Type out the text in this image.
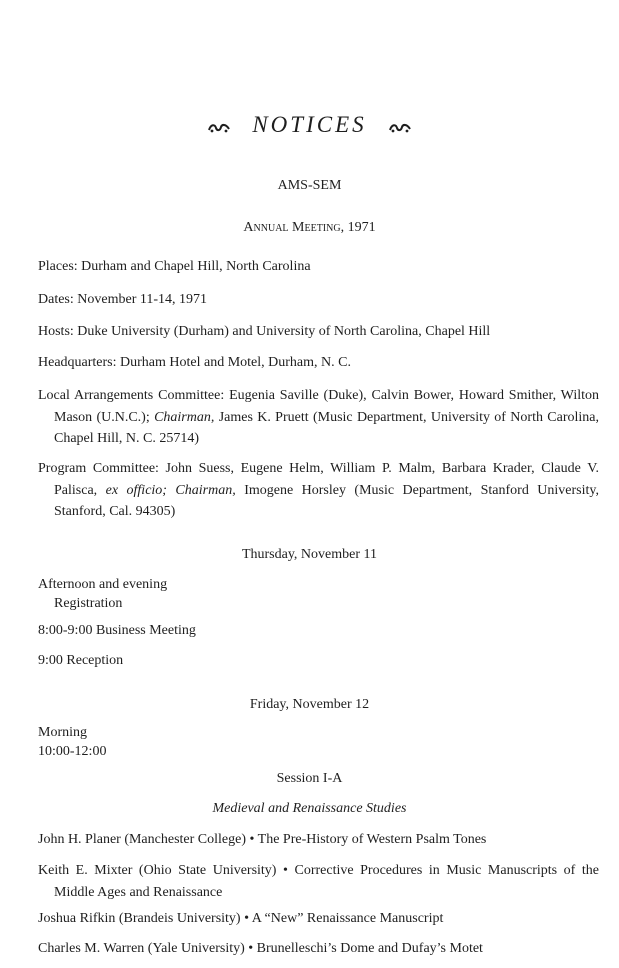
NOTICES
AMS-SEM
Annual Meeting, 1971
Places: Durham and Chapel Hill, North Carolina
Dates: November 11-14, 1971
Hosts: Duke University (Durham) and University of North Carolina, Chapel Hill
Headquarters: Durham Hotel and Motel, Durham, N. C.
Local Arrangements Committee: Eugenia Saville (Duke), Calvin Bower, Howard Smither, Wilton Mason (U.N.C.); Chairman, James K. Pruett (Music Department, University of North Carolina, Chapel Hill, N. C. 25714)
Program Committee: John Suess, Eugene Helm, William P. Malm, Barbara Krader, Claude V. Palisca, ex officio; Chairman, Imogene Horsley (Music Department, Stanford University, Stanford, Cal. 94305)
Thursday, November 11
Afternoon and evening
Registration
8:00-9:00 Business Meeting
9:00 Reception
Friday, November 12
Morning
10:00-12:00
Session I-A
Medieval and Renaissance Studies
John H. Planer (Manchester College) • The Pre-History of Western Psalm Tones
Keith E. Mixter (Ohio State University) • Corrective Procedures in Music Manuscripts of the Middle Ages and Renaissance
Joshua Rifkin (Brandeis University) • A “New” Renaissance Manuscript
Charles M. Warren (Yale University) • Brunelleschi’s Dome and Dufay’s Motet
